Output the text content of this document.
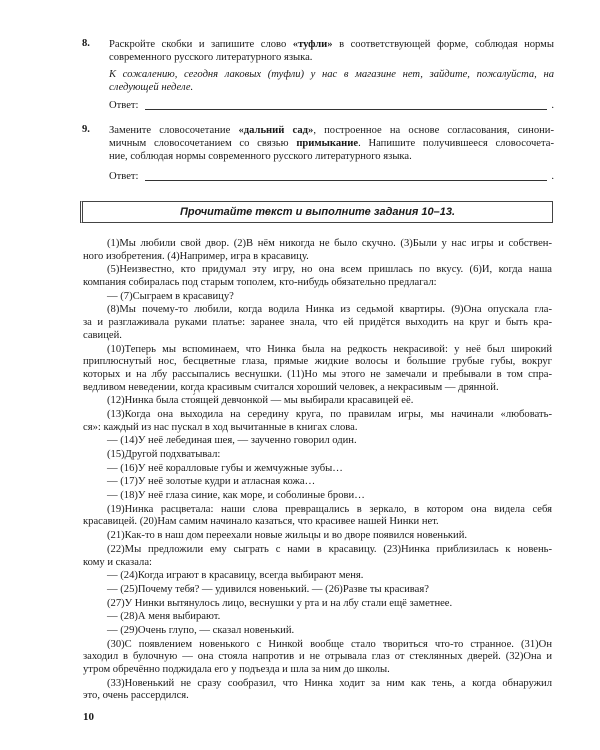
8. Раскройте скобки и запишите слово «туфли» в соответствующей форме, соблюдая нормы
современного русского литературного языка.
К сожалению, сегодня лаковых (туфли) у нас в магазине нет, зайдите, пожалуйста, на
следующей неделе.
Ответ:	.
9. Замените словосочетание «дальний сад», построенное на основе согласования, синони-
мичным словосочетанием со связью примыкание. Напишите получившееся словосочета-
ние, соблюдая нормы современного русского литературного языка.
Ответ:	.
Прочитайте текст и выполните задания 10–13.
(1)Мы любили свой двор. (2)В нём никогда не было скучно. (3)Были у нас игры и собствен-
ного изобретения. (4)Например, игра в красавицу.
(5)Неизвестно, кто придумал эту игру, но она всем пришлась по вкусу. (6)И, когда наша
компания собиралась под старым тополем, кто-нибудь обязательно предлагал:
— (7)Сыграем в красавицу?
(8)Мы почему-то любили, когда водила Нинка из седьмой квартиры. (9)Она опускала гла-
за и разглаживала руками платье: заранее знала, что ей придётся выходить на круг и быть кра-
савицей.
(10)Теперь мы вспоминаем, что Нинка была на редкость некрасивой: у неё был широкий
приплюснутый нос, бесцветные глаза, прямые жидкие волосы и большие грубые губы, вокруг
которых и на лбу рассыпались веснушки. (11)Но мы этого не замечали и пребывали в том спра-
ведливом неведении, когда красивым считался хороший человек, а некрасивым — дрянной.
(12)Нинка была сто́ящей девчонкой — мы выбирали красавицей её.
(13)Когда она выходила на середину круга, по правилам игры, мы начинали «любовать-
ся»: каждый из нас пускал в ход вычитанные в книгах слова.
— (14)У неё лебединая шея, — заученно говорил один.
(15)Другой подхватывал:
— (16)У неё коралловые губы и жемчужные зубы…
— (17)У неё золотые кудри и атласная кожа…
— (18)У неё глаза синие, как море, и соболиные брови…
(19)Нинка расцветала: наши слова превращались в зеркало, в котором она видела себя
красавицей. (20)Нам самим начинало казаться, что красивее нашей Нинки нет.
(21)Как-то в наш дом переехали новые жильцы и во дворе появился новенький.
(22)Мы предложили ему сыграть с нами в красавицу. (23)Нинка приблизилась к новень-
кому и сказала:
— (24)Когда играют в красавицу, всегда выбирают меня.
— (25)Почему тебя? — удивился новенький. — (26)Разве ты красивая?
(27)У Нинки вытянулось лицо, веснушки у рта и на лбу стали ещё заметнее.
— (28)А меня выбирают.
— (29)Очень глупо, — сказал новенький.
(30)С появлением новенького с Нинкой вообще стало твориться что-то странное. (31)Он
заходил в булочную — она стояла напротив и не отрывала глаз от стеклянных дверей. (32)Она и
утром обречённо поджидала его у подъезда и шла за ним до школы.
(33)Новенький не сразу сообразил, что Нинка ходит за ним как тень, а когда обнаружил
это, очень рассердился.
10
